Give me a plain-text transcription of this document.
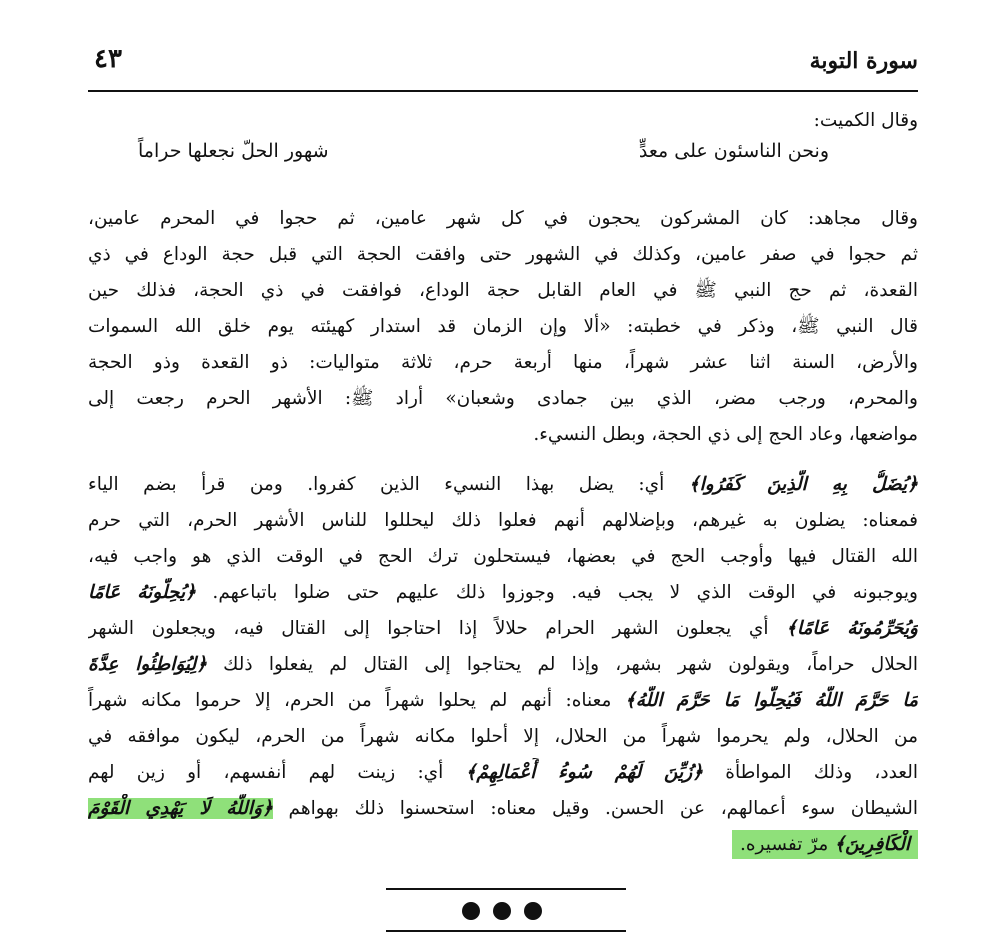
سورة التوبة
٤٣
وقال الكميت:
ونحن الناسئون على معدٍّ
شهور الحلّ نجعلها حراماً
وقال مجاهد: كان المشركون يحجون في كل شهر عامين، ثم حجوا في المحرم عامين،
ثم حجوا في صفر عامين، وكذلك في الشهور حتى وافقت الحجة التي قبل حجة الوداع في ذي
القعدة، ثم حج النبي ﷺ في العام القابل حجة الوداع، فوافقت في ذي الحجة، فذلك حين
قال النبي ﷺ، وذكر في خطبته: «ألا وإن الزمان قد استدار كهيئته يوم خلق الله السموات
والأرض، السنة اثنا عشر شهراً، منها أربعة حرم، ثلاثة متواليات: ذو القعدة وذو الحجة
والمحرم، ورجب مضر، الذي بين جمادى وشعبان» أراد ﷺ: الأشهر الحرم رجعت إلى
مواضعها، وعاد الحج إلى ذي الحجة، وبطل النسيء.
﴿يُضَلُّ بِهِ الَّذِينَ كَفَرُوا﴾ أي: يضل بهذا النسيء الذين كفروا. ومن قرأ بضم الياء
فمعناه: يضلون به غيرهم، وبإضلالهم أنهم فعلوا ذلك ليحللوا للناس الأشهر الحرم، التي حرم
الله القتال فيها وأوجب الحج في بعضها، فيستحلون ترك الحج في الوقت الذي هو واجب فيه،
ويوجبونه في الوقت الذي لا يجب فيه. وجوزوا ذلك عليهم حتى ضلوا باتباعهم. ﴿يُحِلُّونَهُ عَامًا
وَيُحَرِّمُونَهُ عَامًا﴾ أي يجعلون الشهر الحرام حلالاً إذا احتاجوا إلى القتال فيه، ويجعلون الشهر
الحلال حراماً، ويقولون شهر بشهر، وإذا لم يحتاجوا إلى القتال لم يفعلوا ذلك ﴿لِيُوَاطِئُوا عِدَّةَ
مَا حَرَّمَ اللَّهُ فَيُحِلُّوا مَا حَرَّمَ اللَّهُ﴾ معناه: أنهم لم يحلوا شهراً من الحرم، إلا حرموا مكانه شهراً
من الحلال، ولم يحرموا شهراً من الحلال، إلا أحلوا مكانه شهراً من الحرم، ليكون موافقه في
العدد، وذلك المواطأة ﴿زُيِّنَ لَهُمْ سُوءُ أَعْمَالِهِمْ﴾ أي: زينت لهم أنفسهم، أو زين لهم
الشيطان سوء أعمالهم، عن الحسن. وقيل معناه: استحسنوا ذلك بهواهم ﴿وَاللَّهُ لَا يَهْدِي الْقَوْمَ
الْكَافِرِينَ﴾ مرّ تفسيره.
